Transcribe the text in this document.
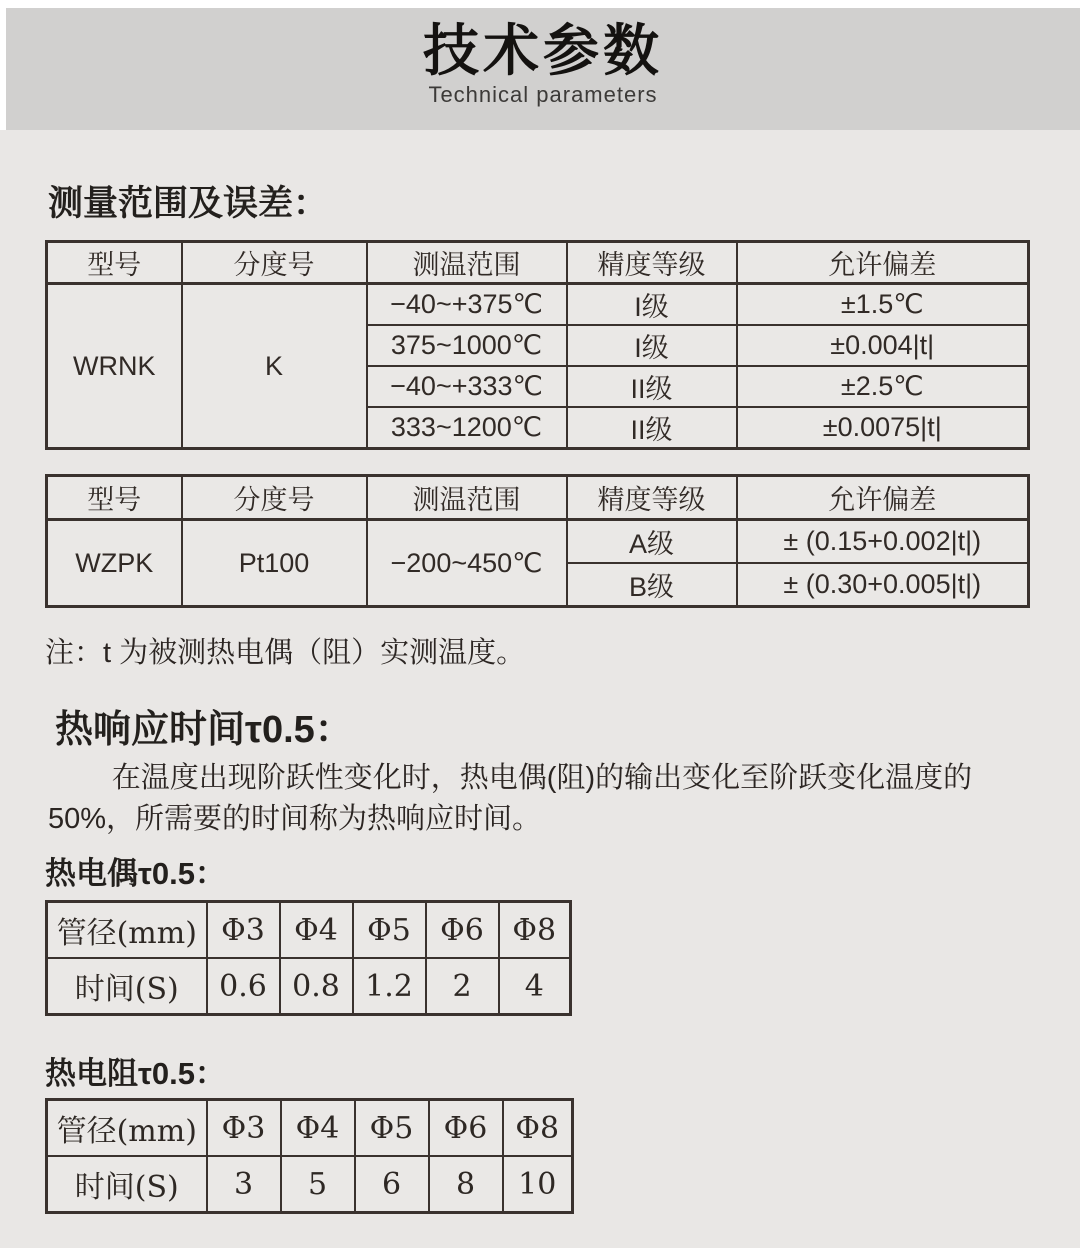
技术参数
Technical parameters
测量范围及误差：
型号	分度号	测温范围	精度等级	允许偏差
WRNK	K	−40~+375℃	I级	±1.5℃
		375~1000℃	I级	±0.004|t|
		−40~+333℃	II级	±2.5℃
		333~1200℃	II级	±0.0075|t|
型号	分度号	测温范围	精度等级	允许偏差
WZPK	Pt100	−200~450℃	A级	± (0.15+0.002|t|)
			B级	± (0.30+0.005|t|)
注：t 为被测热电偶（阻）实测温度。
热响应时间τ0.5：

在温度出现阶跃性变化时，热电偶(阻)的输出变化至阶跃变化温度的50%，所需要的时间称为热响应时间。

热电偶τ0.5：
管径(mm)	Φ3	Φ4	Φ5	Φ6	Φ8
时间(S)	0.6	0.8	1.2	2	4
热电阻τ0.5：
管径(mm)	Φ3	Φ4	Φ5	Φ6	Φ8
时间(S)	3	5	6	8	10
